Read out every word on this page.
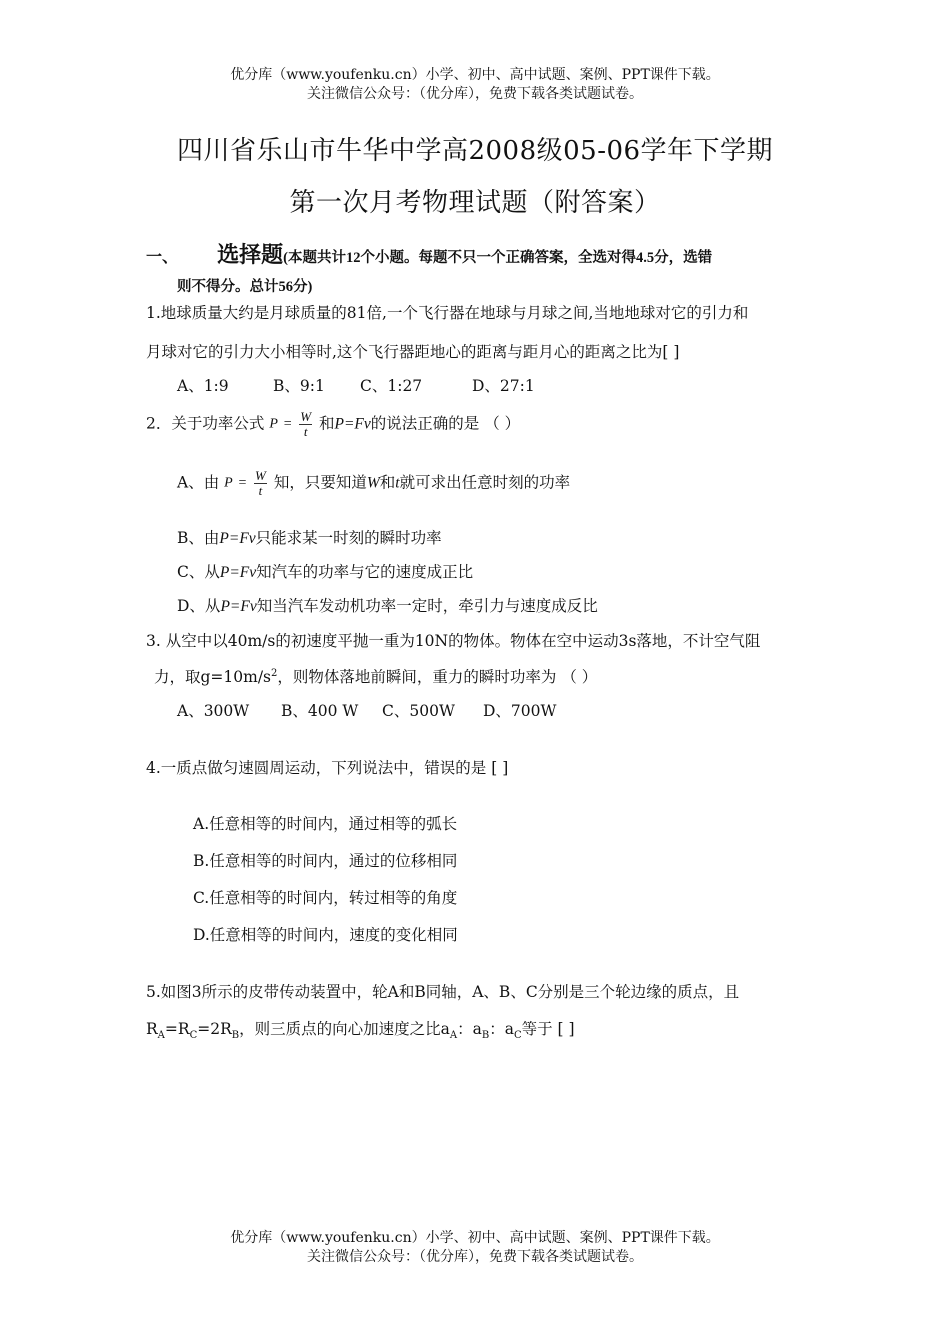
优分库（www.youfenku.cn）小学、初中、高中试题、案例、PPT课件下载。
关注微信公众号：（优分库），免费下载各类试题试卷。
四川省乐山市牛华中学高2008级05-06学年下学期
第一次月考物理试题（附答案）
一、 选择题(本题共计12个小题。每题不只一个正确答案，全选对得4.5分，选错
则不得分。总计56分)
1.地球质量大约是月球质量的81倍,一个飞行器在地球与月球之间,当地地球对它的引力和
月球对它的引力大小相等时,这个飞行器距地心的距离与距月心的距离之比为[ ]
A、1:9	B、9:1 C、1:27	D、27:1
2．关于功率公式 $P = \frac{W}{t}$ 和P=Fv的说法正确的是 （ ）
A、由 $P = \frac{W}{t}$ 知，只要知道W和t就可求出任意时刻的功率
B、由P=Fv只能求某一时刻的瞬时功率
C、从P=Fv知汽车的功率与它的速度成正比
D、从P=Fv知当汽车发动机功率一定时，牵引力与速度成反比
3. 从空中以40m/s的初速度平抛一重为10N的物体。物体在空中运动3s落地，不计空气阻
力，取$g=10m/s^2$，则物体落地前瞬间，重力的瞬时功率为 （ ）
A、300W B、400 W C、500W D、700W
4.一质点做匀速圆周运动，下列说法中，错误的是 [ ]
A.任意相等的时间内，通过相等的弧长
B.任意相等的时间内，通过的位移相同
C.任意相等的时间内，转过相等的角度
D.任意相等的时间内，速度的变化相同
5.如图3所示的皮带传动装置中，轮A和B同轴，A、B、C分别是三个轮边缘的质点，且
$R_A=R_C=2R_B$，则三质点的向心加速度之比$a_A$：$a_B$：$a_C$等于 [ ]
优分库（www.youfenku.cn）小学、初中、高中试题、案例、PPT课件下载。
关注微信公众号：（优分库），免费下载各类试题试卷。
